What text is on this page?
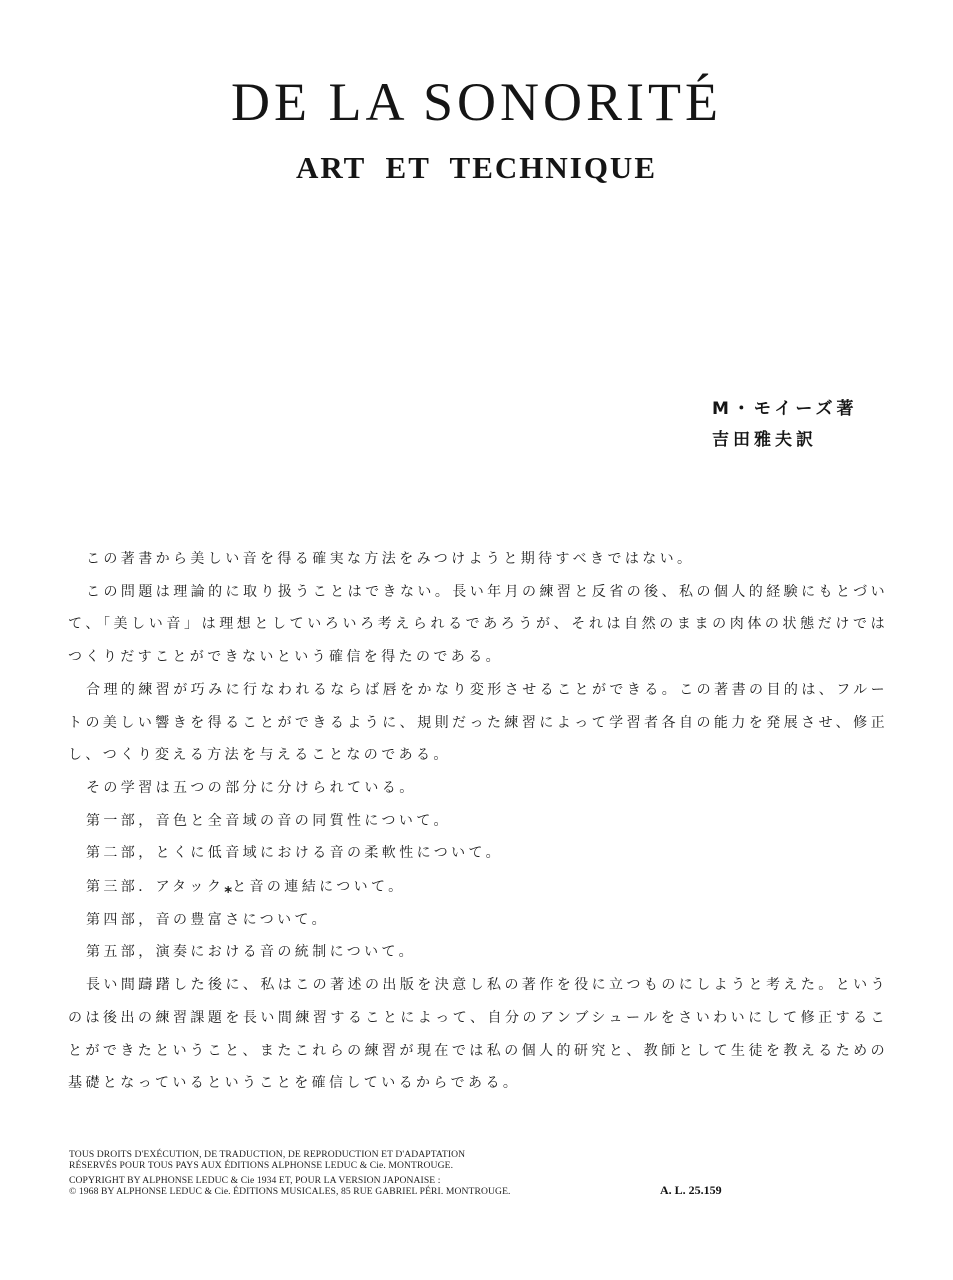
DE LA SONORITÉ
ART ET TECHNIQUE
M・モイーズ著
吉田雅夫訳

この著書から美しい音を得る確実な方法をみつけようと期待すべきではない。

この問題は理論的に取り扱うことはできない。長い年月の練習と反省の後、私の個人的経験にもとづいて、「美しい音」は理想としていろいろ考えられるであろうが、それは自然のままの肉体の状態だけではつくりだすことができないという確信を得たのである。

合理的練習が巧みに行なわれるならば唇をかなり変形させることができる。この著書の目的は、フルートの美しい響きを得ることができるように、規則だった練習によって学習者各自の能力を発展させ、修正し、つくり変える方法を与えることなのである。

その学習は五つの部分に分けられている。

第一部，音色と全音域の音の同質性について。

第二部，とくに低音域における音の柔軟性について。

第三部．アタック*と音の連結について。

第四部，音の豊富さについて。

第五部，演奏における音の統制について。

長い間躊躇した後に、私はこの著述の出版を決意し私の著作を役に立つものにしようと考えた。というのは後出の練習課題を長い間練習することによって、自分のアンブシュールをさいわいにして修正することができたということ、またこれらの練習が現在では私の個人的研究と、教師として生徒を教えるための基礎となっているということを確信しているからである。

TOUS DROITS D'EXÉCUTION, DE TRADUCTION, DE REPRODUCTION ET D'ADAPTATION
RÉSERVÉS POUR TOUS PAYS AUX ÉDITIONS ALPHONSE LEDUC & Cie. MONTROUGE.
COPYRIGHT BY ALPHONSE LEDUC & Cie 1934 ET, POUR LA VERSION JAPONAISE :
© 1968 BY ALPHONSE LEDUC & Cie. ÉDITIONS MUSICALES, 85 RUE GABRIEL PÉRI. MONTROUGE.	A. L. 25.159
